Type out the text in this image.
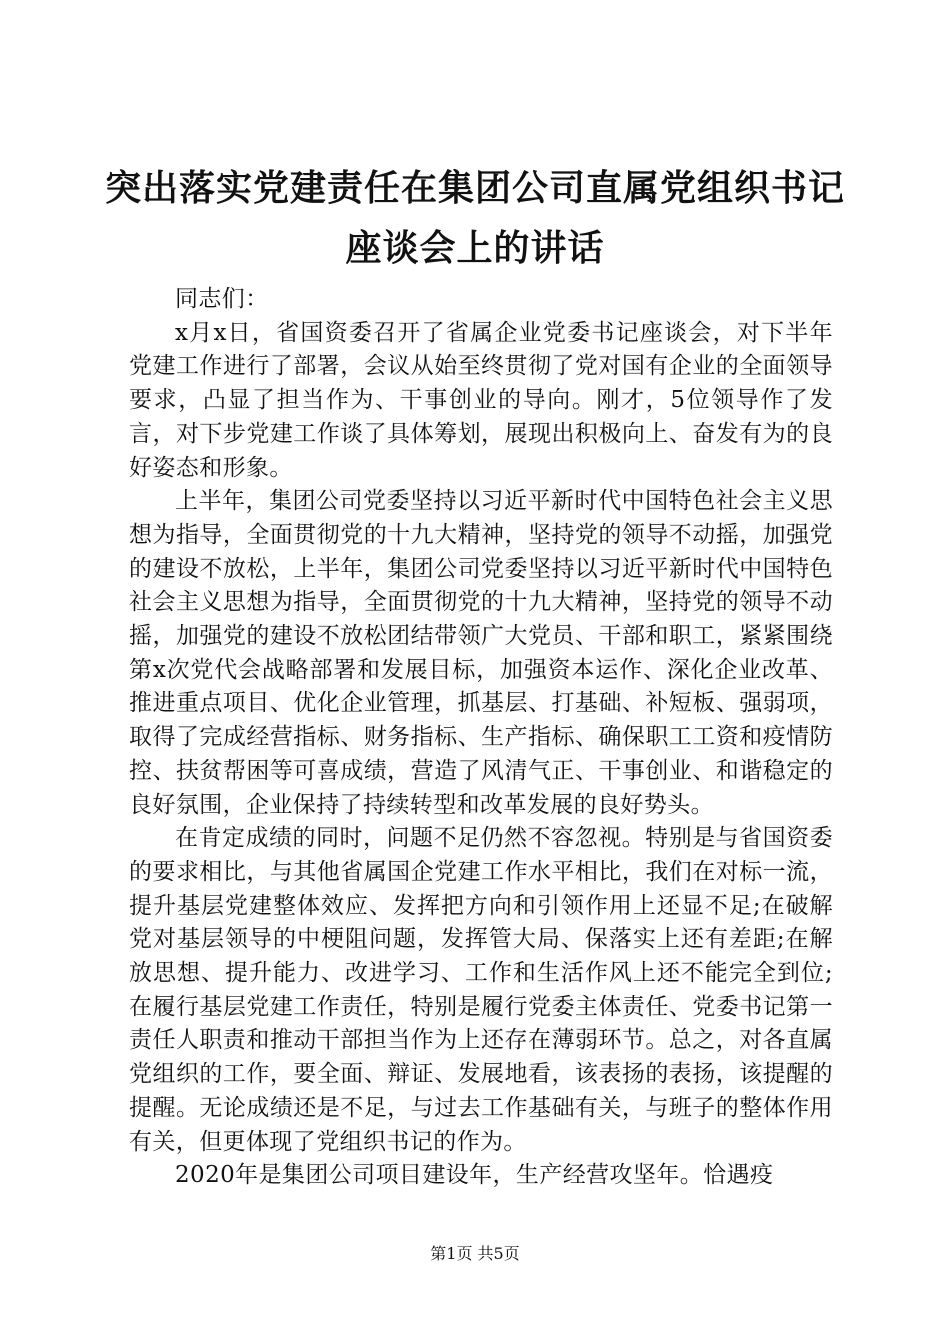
突出落实党建责任在集团公司直属党组织书记
座谈会上的讲话

同志们：

x月x日，省国资委召开了省属企业党委书记座谈会，对下半年党建工作进行了部署，会议从始至终贯彻了党对国有企业的全面领导要求，凸显了担当作为、干事创业的导向。刚才，5位领导作了发言，对下步党建工作谈了具体筹划，展现出积极向上、奋发有为的良好姿态和形象。

上半年，集团公司党委坚持以习近平新时代中国特色社会主义思想为指导，全面贯彻党的十九大精神，坚持党的领导不动摇，加强党的建设不放松，上半年，集团公司党委坚持以习近平新时代中国特色社会主义思想为指导，全面贯彻党的十九大精神，坚持党的领导不动摇，加强党的建设不放松团结带领广大党员、干部和职工，紧紧围绕第x次党代会战略部署和发展目标，加强资本运作、深化企业改革、推进重点项目、优化企业管理，抓基层、打基础、补短板、强弱项，取得了完成经营指标、财务指标、生产指标、确保职工工资和疫情防控、扶贫帮困等可喜成绩，营造了风清气正、干事创业、和谐稳定的良好氛围，企业保持了持续转型和改革发展的良好势头。

在肯定成绩的同时，问题不足仍然不容忽视。特别是与省国资委的要求相比，与其他省属国企党建工作水平相比，我们在对标一流，提升基层党建整体效应、发挥把方向和引领作用上还显不足;在破解党对基层领导的中梗阻问题，发挥管大局、保落实上还有差距;在解放思想、提升能力、改进学习、工作和生活作风上还不能完全到位;在履行基层党建工作责任，特别是履行党委主体责任、党委书记第一责任人职责和推动干部担当作为上还存在薄弱环节。总之，对各直属党组织的工作，要全面、辩证、发展地看，该表扬的表扬，该提醒的提醒。无论成绩还是不足，与过去工作基础有关，与班子的整体作用有关，但更体现了党组织书记的作为。

2020年是集团公司项目建设年，生产经营攻坚年。恰遇疫

第1页 共5页
